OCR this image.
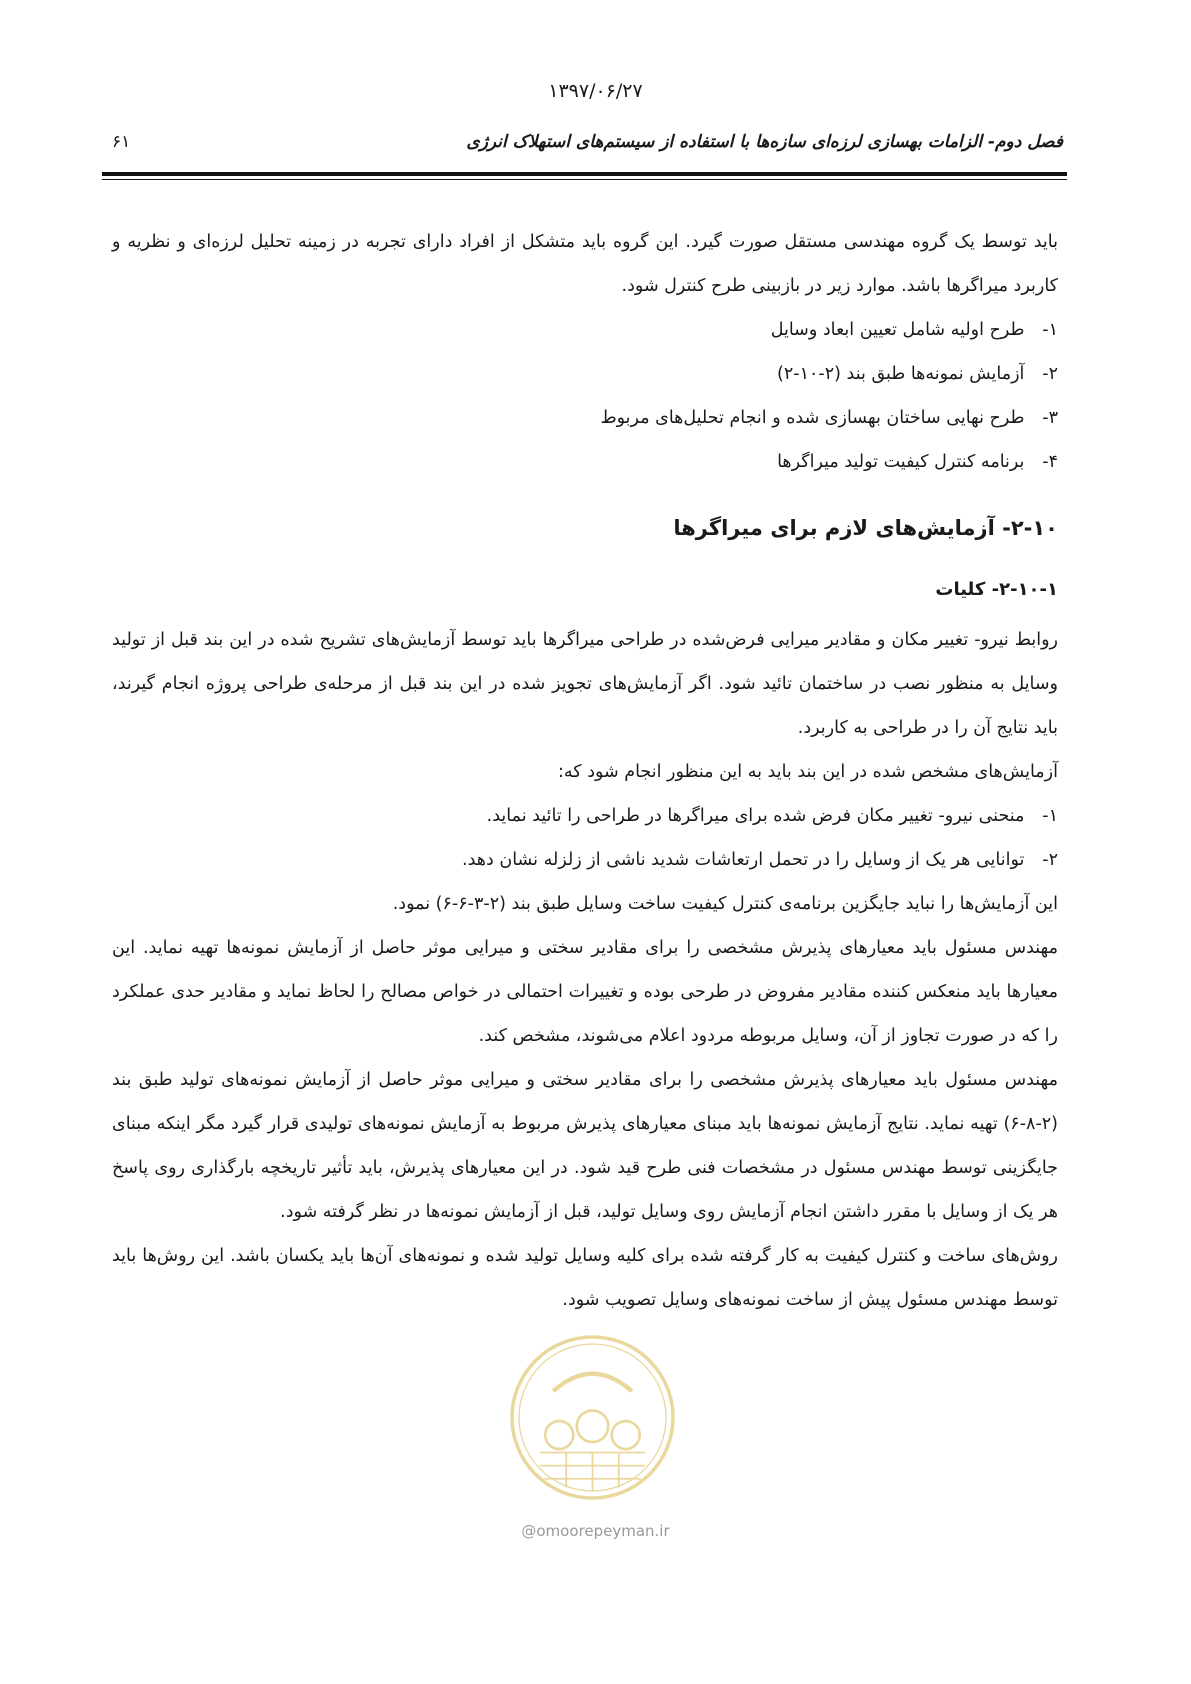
۱۳۹۷/۰۶/۲۷
۶۱	فصل دوم- الزامات بهسازی لرزه‌ای سازه‌ها با استفاده از سیستم‌های استهلاک انرژی

باید توسط یک گروه مهندسی مستقل صورت گیرد. این گروه باید متشکل از افراد دارای تجربه در زمینه تحلیل لرزه‌ای و نظریه و کاربرد میراگرها باشد. موارد زیر در بازبینی طرح کنترل شود.

۱- طرح اولیه شامل تعیین ابعاد وسایل

۲- آزمایش نمونه‌ها طبق بند (۲-۱۰-۲)

۳- طرح نهایی ساختان بهسازی شده و انجام تحلیل‌های مربوط

۴- برنامه کنترل کیفیت تولید میراگرها

۲-۱۰- آزمایش‌های لازم برای میراگرها

۲-۱۰-۱- کلیات

روابط نیرو- تغییر مکان و مقادیر میرایی فرض‌شده در طراحی میراگرها باید توسط آزمایش‌های تشریح شده در این بند قبل از تولید وسایل به منظور نصب در ساختمان تائید شود. اگر آزمایش‌های تجویز شده در این بند قبل از مرحله‌ی طراحی پروژه انجام گیرند، باید نتایج آن را در طراحی به کاربرد.

آزمایش‌های مشخص شده در این بند باید به این منظور انجام شود که:

۱- منحنی نیرو- تغییر مکان فرض شده برای میراگرها در طراحی را تائید نماید.

۲- توانایی هر یک از وسایل را در تحمل ارتعاشات شدید ناشی از زلزله نشان دهد.

این آزمایش‌ها را نباید جایگزین برنامه‌ی کنترل کیفیت ساخت وسایل طبق بند (۲-۳-۶-۶) نمود.

مهندس مسئول باید معیارهای پذیرش مشخصی را برای مقادیر سختی و میرایی موثر حاصل از آزمایش نمونه‌ها تهیه نماید. این معیارها باید منعکس کننده مقادیر مفروض در طرحی بوده و تغییرات احتمالی در خواص مصالح را لحاظ نماید و مقادیر حدی عملکرد را که در صورت تجاوز از آن، وسایل مربوطه مردود اعلام می‌شوند، مشخص کند.

مهندس مسئول باید معیارهای پذیرش مشخصی را برای مقادیر سختی و میرایی موثر حاصل از آزمایش نمونه‌های تولید طبق بند (۲-۸-۶) تهیه نماید. نتایج آزمایش نمونه‌ها باید مبنای معیارهای پذیرش مربوط به آزمایش نمونه‌های تولیدی قرار گیرد مگر اینکه مبنای جایگزینی توسط مهندس مسئول در مشخصات فنی طرح قید شود. در این معیارهای پذیرش، باید تأثیر تاریخچه بارگذاری روی پاسخ هر یک از وسایل با مقرر داشتن انجام آزمایش روی وسایل تولید، قبل از آزمایش نمونه‌ها در نظر گرفته شود.

روش‌های ساخت و کنترل کیفیت به کار گرفته شده برای کلیه وسایل تولید شده و نمونه‌های آن‌ها باید یکسان باشد. این روش‌ها باید توسط مهندس مسئول پیش از ساخت نمونه‌های وسایل تصویب شود.

@omoorepeyman.ir
